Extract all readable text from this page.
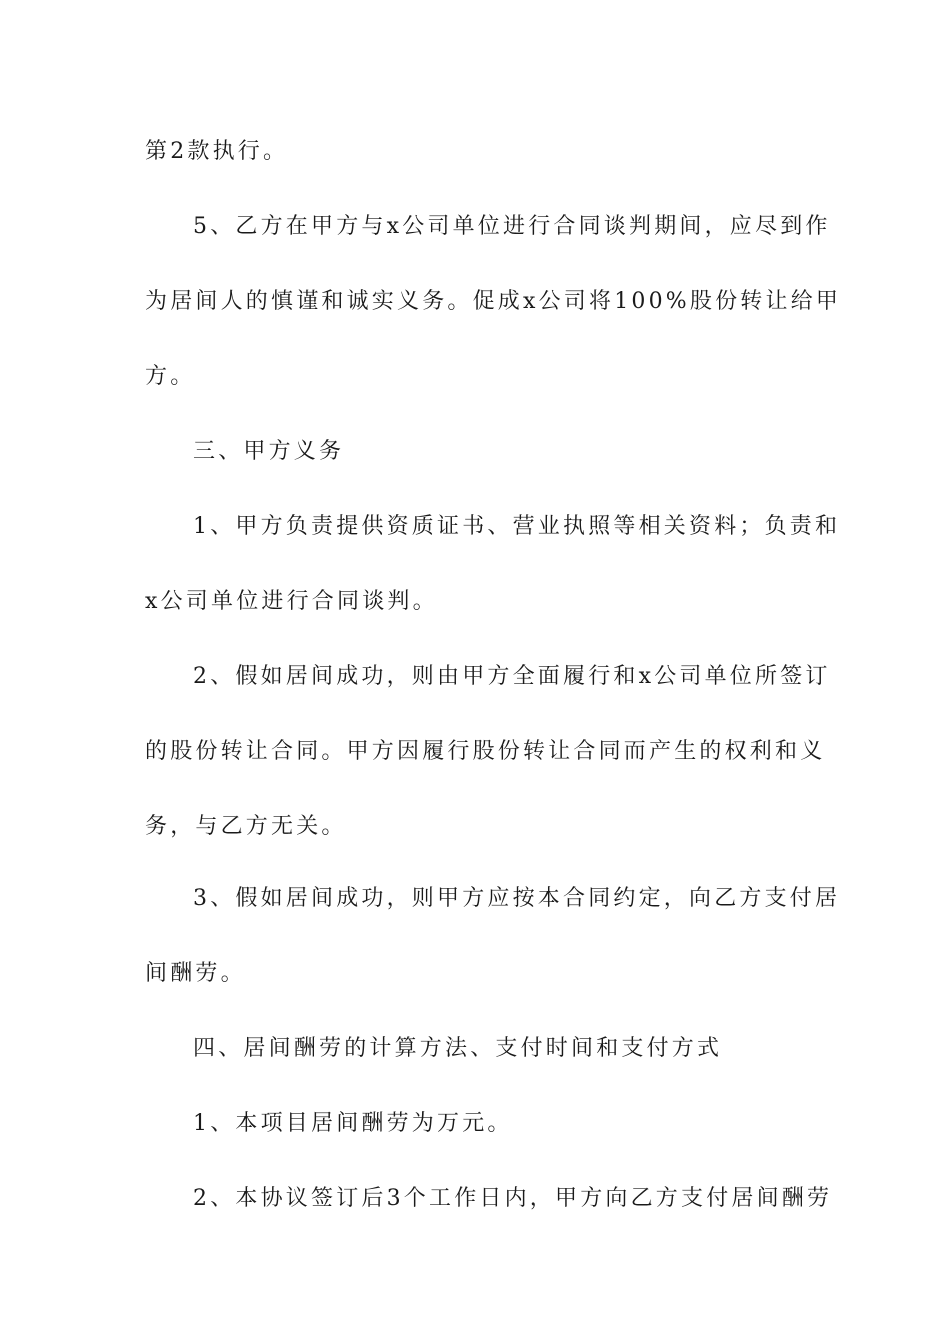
第2款执行。
5、乙方在甲方与x公司单位进行合同谈判期间，应尽到作
为居间人的慎谨和诚实义务。促成x公司将100%股份转让给甲
方。
三、甲方义务
1、甲方负责提供资质证书、营业执照等相关资料；负责和
x公司单位进行合同谈判。
2、假如居间成功，则由甲方全面履行和x公司单位所签订
的股份转让合同。甲方因履行股份转让合同而产生的权利和义
务，与乙方无关。
3、假如居间成功，则甲方应按本合同约定，向乙方支付居
间酬劳。
四、居间酬劳的计算方法、支付时间和支付方式
1、本项目居间酬劳为万元。
2、本协议签订后3个工作日内，甲方向乙方支付居间酬劳
